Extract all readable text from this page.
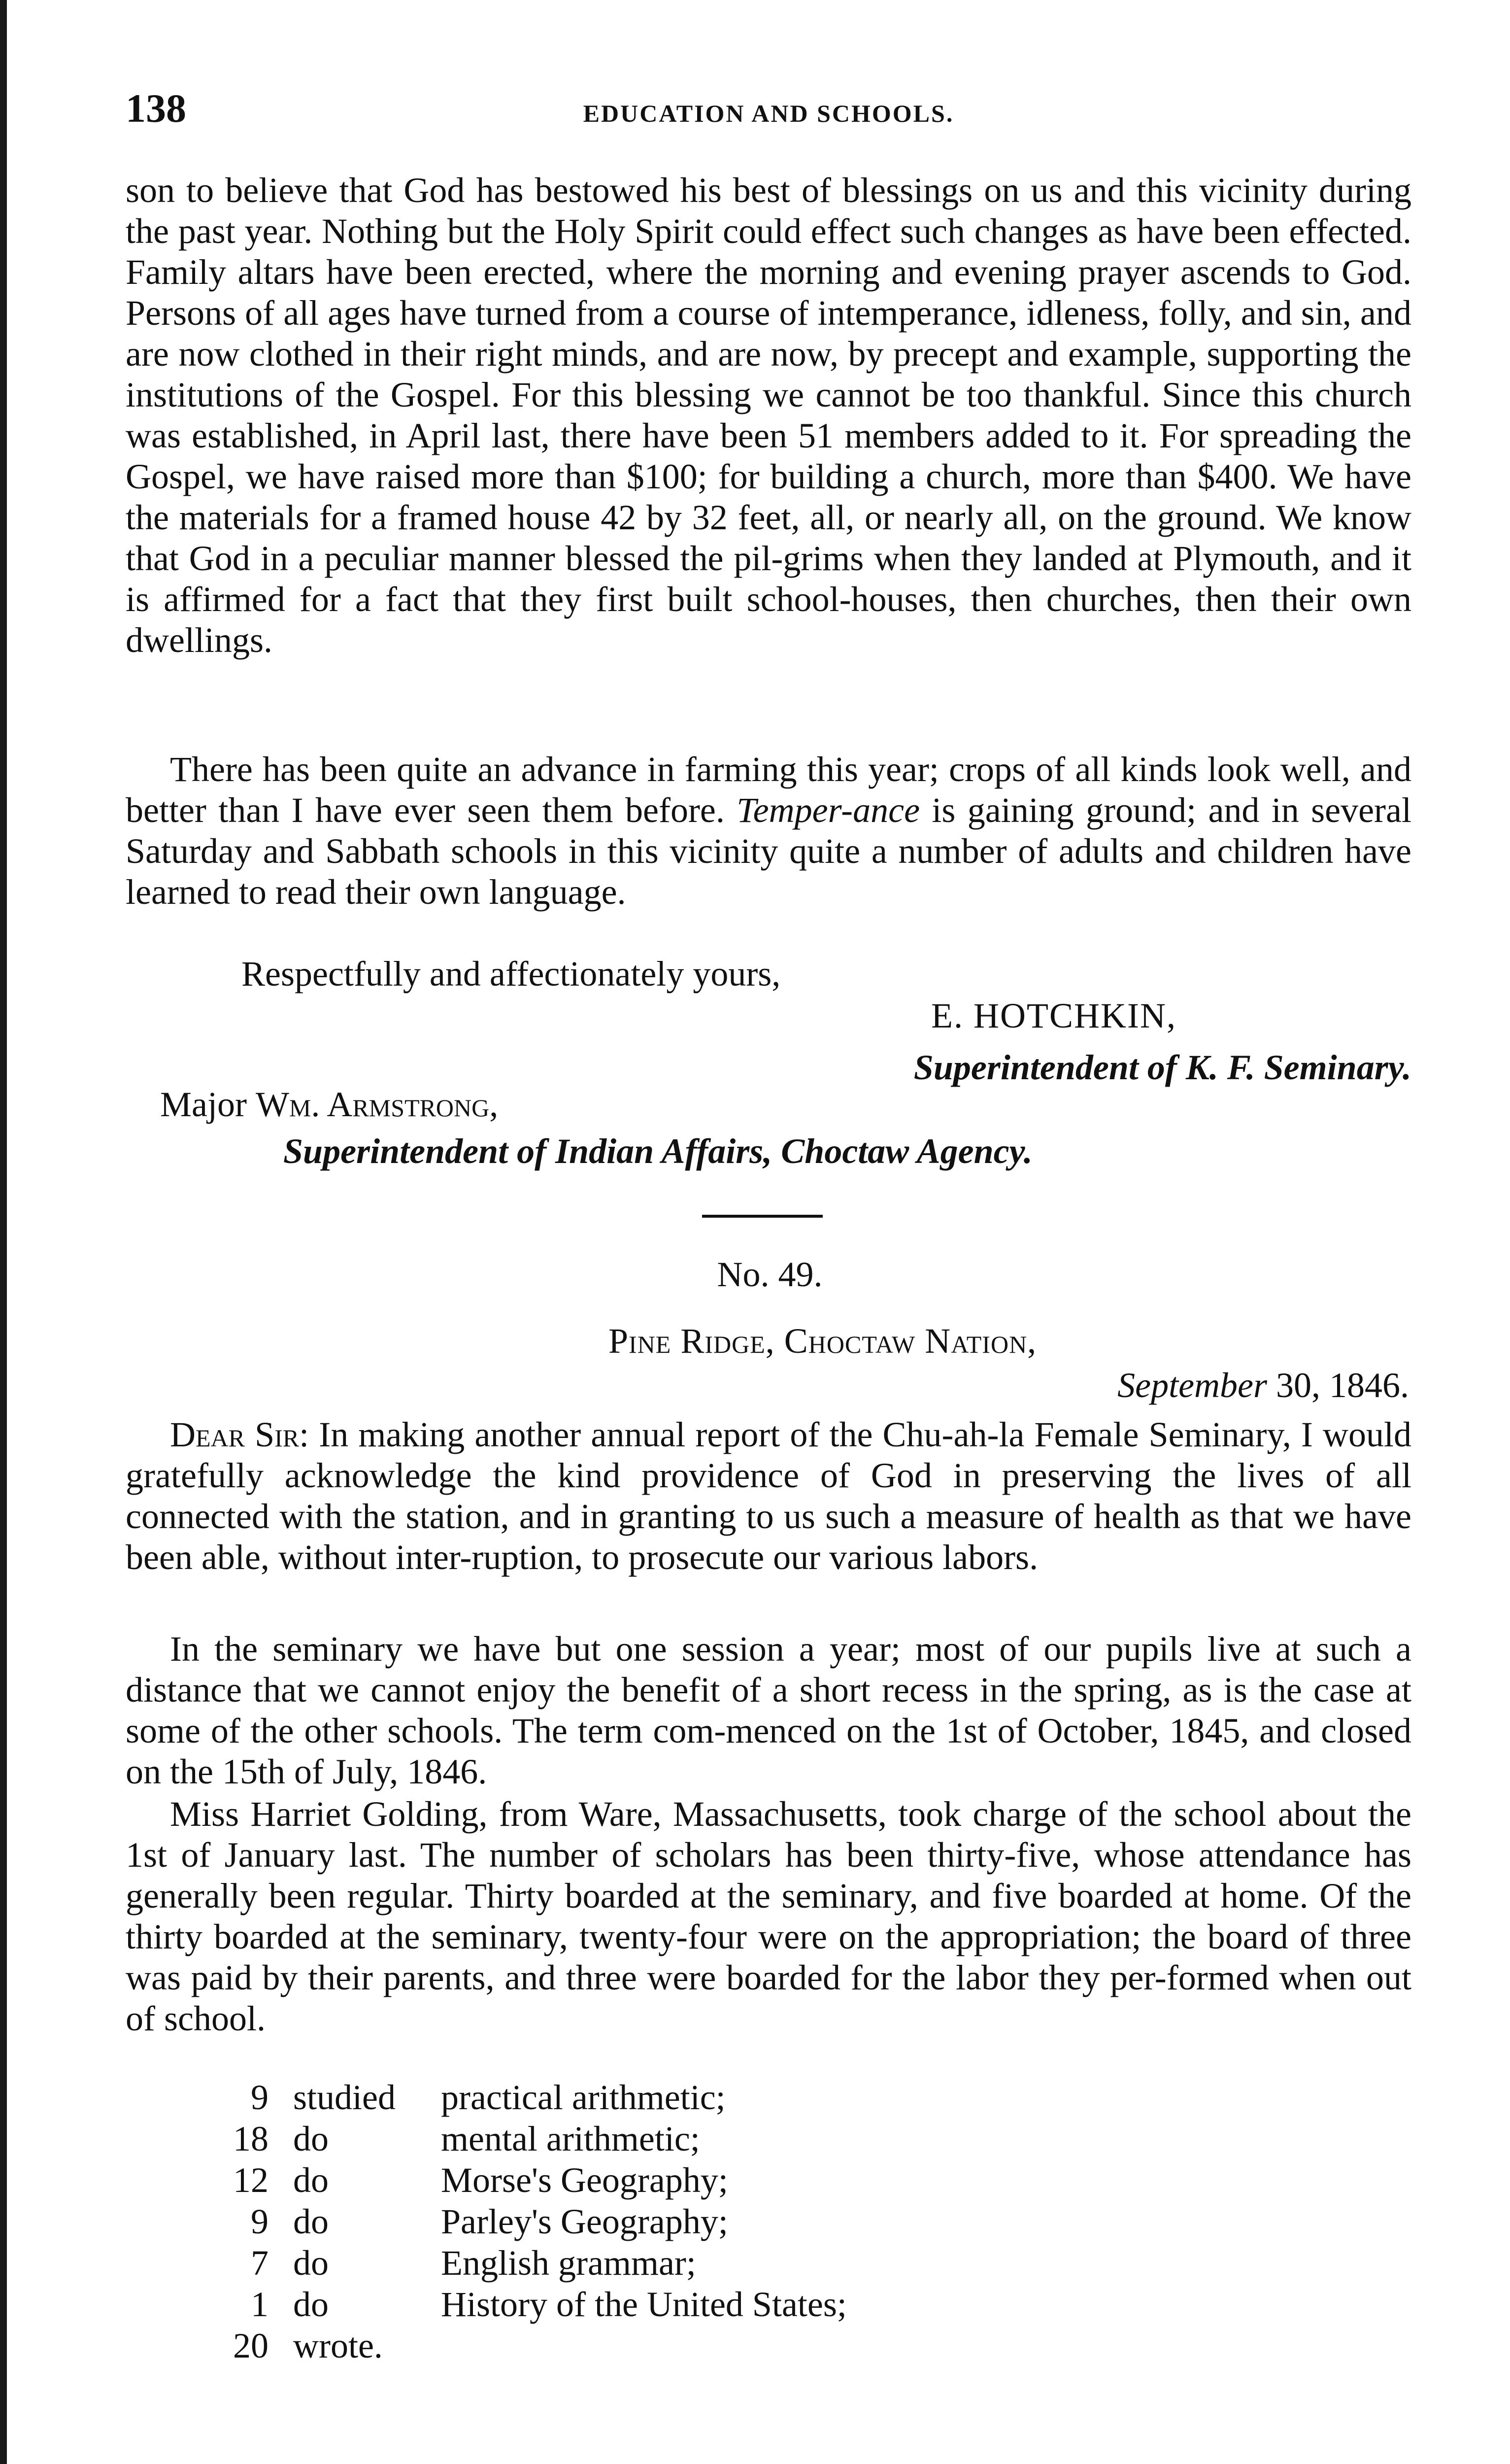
138	EDUCATION AND SCHOOLS.

son to believe that God has bestowed his best of blessings on us and this vicinity during the past year. Nothing but the Holy Spirit could effect such changes as have been effected. Family altars have been erected, where the morning and evening prayer ascends to God. Persons of all ages have turned from a course of intemperance, idleness, folly, and sin, and are now clothed in their right minds, and are now, by precept and example, supporting the institutions of the Gospel. For this blessing we cannot be too thankful. Since this church was established, in April last, there have been 51 members added to it. For spreading the Gospel, we have raised more than $100; for building a church, more than $400. We have the materials for a framed house 42 by 32 feet, all, or nearly all, on the ground. We know that God in a peculiar manner blessed the pil-grims when they landed at Plymouth, and it is affirmed for a fact that they first built school-houses, then churches, then their own dwellings.

There has been quite an advance in farming this year; crops of all kinds look well, and better than I have ever seen them before. Temper-ance is gaining ground; and in several Saturday and Sabbath schools in this vicinity quite a number of adults and children have learned to read their own language.

Respectfully and affectionately yours,
E. HOTCHKIN,
Superintendent of K. F. Seminary.
Major Wm. Armstrong,
Superintendent of Indian Affairs, Choctaw Agency.
No. 49.
Pine Ridge, Choctaw Nation,
September 30, 1846.

Dear Sir: In making another annual report of the Chu-ah-la Female Seminary, I would gratefully acknowledge the kind providence of God in preserving the lives of all connected with the station, and in granting to us such a measure of health as that we have been able, without inter-ruption, to prosecute our various labors.

In the seminary we have but one session a year; most of our pupils live at such a distance that we cannot enjoy the benefit of a short recess in the spring, as is the case at some of the other schools. The term com-menced on the 1st of October, 1845, and closed on the 15th of July, 1846.

Miss Harriet Golding, from Ware, Massachusetts, took charge of the school about the 1st of January last. The number of scholars has been thirty-five, whose attendance has generally been regular. Thirty boarded at the seminary, and five boarded at home. Of the thirty boarded at the seminary, twenty-four were on the appropriation; the board of three was paid by their parents, and three were boarded for the labor they per-formed when out of school.

9 studied practical arithmetic;
18 do	mental arithmetic;
12 do	Morse's Geography;
9 do	Parley's Geography;
7 do	English grammar;
1 do	History of the United States;
20 wrote.
